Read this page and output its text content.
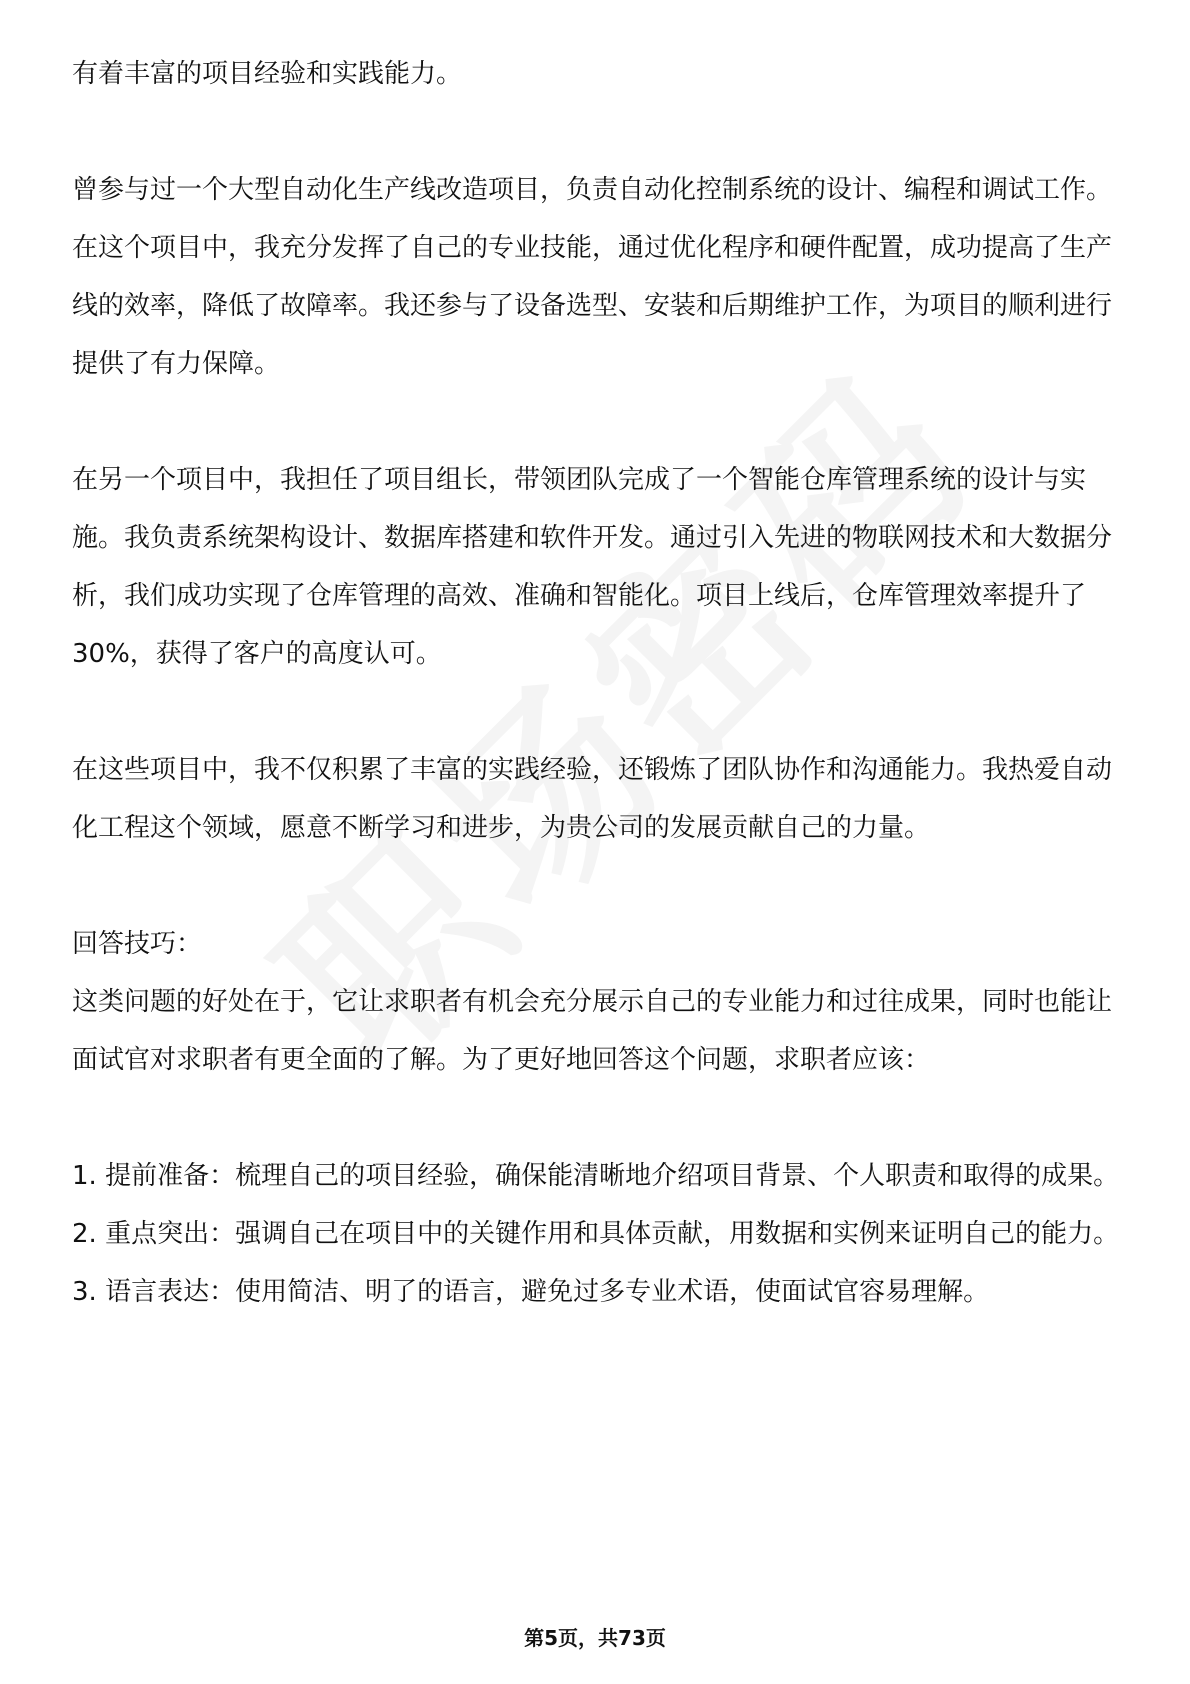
有着丰富的项目经验和实践能力。

曾参与过一个大型自动化生产线改造项目，负责自动化控制系统的设计、编程和调试工作。在这个项目中，我充分发挥了自己的专业技能，通过优化程序和硬件配置，成功提高了生产线的效率，降低了故障率。我还参与了设备选型、安装和后期维护工作，为项目的顺利进行提供了有力保障。

在另一个项目中，我担任了项目组长，带领团队完成了一个智能仓库管理系统的设计与实施。我负责系统架构设计、数据库搭建和软件开发。通过引入先进的物联网技术和大数据分析，我们成功实现了仓库管理的高效、准确和智能化。项目上线后，仓库管理效率提升了30%，获得了客户的高度认可。

在这些项目中，我不仅积累了丰富的实践经验，还锻炼了团队协作和沟通能力。我热爱自动化工程这个领域，愿意不断学习和进步，为贵公司的发展贡献自己的力量。

回答技巧：

这类问题的好处在于，它让求职者有机会充分展示自己的专业能力和过往成果，同时也能让面试官对求职者有更全面的了解。为了更好地回答这个问题，求职者应该：

1. 提前准备：梳理自己的项目经验，确保能清晰地介绍项目背景、个人职责和取得的成果。

2. 重点突出：强调自己在项目中的关键作用和具体贡献，用数据和实例来证明自己的能力。

3. 语言表达：使用简洁、明了的语言，避免过多专业术语，使面试官容易理解。

第5页，共73页
